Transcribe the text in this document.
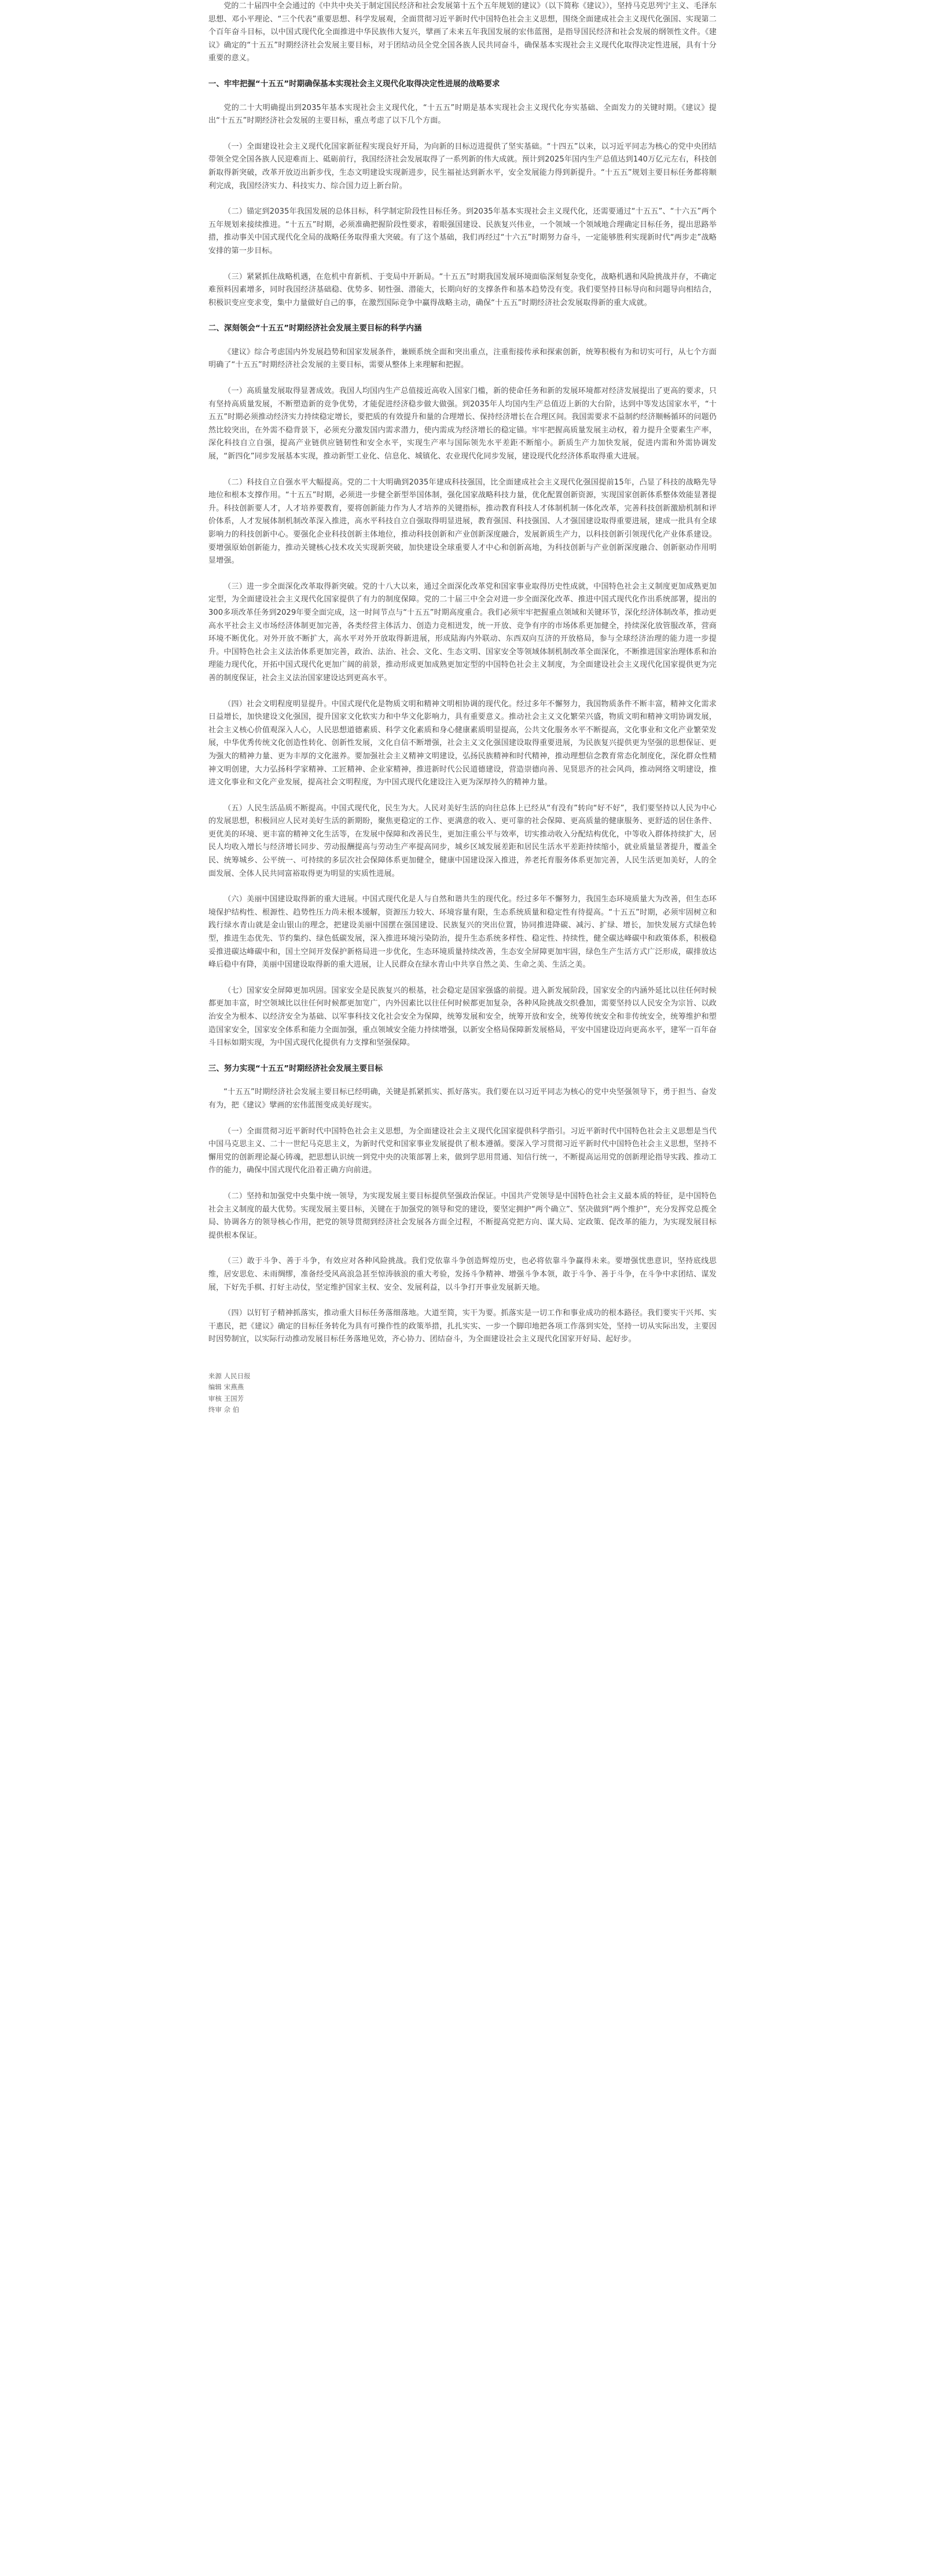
党的二十届四中全会通过的《中共中央关于制定国民经济和社会发展第十五个五年规划的建议》（以下简称《建议》），坚持马克思列宁主义、毛泽东思想、邓小平理论、“三个代表”重要思想、科学发展观，全面贯彻习近平新时代中国特色社会主义思想，围绕全面建成社会主义现代化强国、实现第二个百年奋斗目标，以中国式现代化全面推进中华民族伟大复兴，擘画了未来五年我国发展的宏伟蓝图，是指导国民经济和社会发展的纲领性文件。《建议》确定的“十五五”时期经济社会发展主要目标，对于团结动员全党全国各族人民共同奋斗，确保基本实现社会主义现代化取得决定性进展，具有十分重要的意义。

一、牢牢把握“十五五”时期确保基本实现社会主义现代化取得决定性进展的战略要求

党的二十大明确提出到2035年基本实现社会主义现代化，“十五五”时期是基本实现社会主义现代化夯实基础、全面发力的关键时期。《建议》提出“十五五”时期经济社会发展的主要目标，重点考虑了以下几个方面。

（一）全面建设社会主义现代化国家新征程实现良好开局，为向新的目标迈进提供了坚实基础。“十四五”以来，以习近平同志为核心的党中央团结带领全党全国各族人民迎难而上、砥砺前行，我国经济社会发展取得了一系列新的伟大成就。预计到2025年国内生产总值达到140万亿元左右，科技创新取得新突破，改革开放迈出新步伐，生态文明建设实现新进步，民生福祉达到新水平，安全发展能力得到新提升。“十五五”规划主要目标任务都将顺利完成，我国经济实力、科技实力、综合国力迈上新台阶。

（二）锚定到2035年我国发展的总体目标，科学制定阶段性目标任务。到2035年基本实现社会主义现代化，还需要通过“十五五”、“十六五”两个五年规划来接续推进。“十五五”时期，必须准确把握阶段性要求，着眼强国建设、民族复兴伟业，一个领域一个领域地合理确定目标任务，提出思路举措，推动事关中国式现代化全局的战略任务取得重大突破。有了这个基础，我们再经过“十六五”时期努力奋斗，一定能够胜利实现新时代“两步走”战略安排的第一步目标。

（三）紧紧抓住战略机遇，在危机中育新机、于变局中开新局。“十五五”时期我国发展环境面临深刻复杂变化，战略机遇和风险挑战并存，不确定难预料因素增多，同时我国经济基础稳、优势多、韧性强、潜能大，长期向好的支撑条件和基本趋势没有变。我们要坚持目标导向和问题导向相结合，积极识变应变求变，集中力量做好自己的事，在激烈国际竞争中赢得战略主动，确保“十五五”时期经济社会发展取得新的重大成就。

二、深刻领会“十五五”时期经济社会发展主要目标的科学内涵

《建议》综合考虑国内外发展趋势和国家发展条件，兼顾系统全面和突出重点，注重衔接传承和探索创新，统筹积极有为和切实可行，从七个方面明确了“十五五”时期经济社会发展的主要目标，需要从整体上来理解和把握。

（一）高质量发展取得显著成效。我国人均国内生产总值接近高收入国家门槛，新的使命任务和新的发展环境都对经济发展提出了更高的要求，只有坚持高质量发展，不断塑造新的竞争优势，才能促进经济稳步做大做强。到2035年人均国内生产总值迈上新的大台阶，达到中等发达国家水平，“十五五”时期必须推动经济实力持续稳定增长，要把质的有效提升和量的合理增长、保持经济增长在合理区间。我国需要求不益制约经济顺畅循环的问题仍然比较突出，在外需不稳背景下，必须充分激发国内需求潜力，使内需成为经济增长的稳定锚。牢牢把握高质量发展主动权，着力提升全要素生产率，深化科技自立自强，提高产业链供应链韧性和安全水平，实现生产率与国际领先水平差距不断缩小。新质生产力加快发展，促进内需和外需协调发展，“新四化”同步发展基本实现，推动新型工业化、信息化、城镇化、农业现代化同步发展，建设现代化经济体系取得重大进展。

（二）科技自立自强水平大幅提高。党的二十大明确到2035年建成科技强国，比全面建成社会主义现代化强国提前15年，凸显了科技的战略先导地位和根本支撑作用。“十五五”时期，必须进一步健全新型举国体制，强化国家战略科技力量，优化配置创新资源，实现国家创新体系整体效能显著提升。科技创新要人才，人才培养要教育，要将创新能力作为人才培养的关键指标，推动教育科技人才体制机制一体化改革，完善科技创新激励机制和评价体系，人才发展体制机制改革深入推进，高水平科技自立自强取得明显进展，教育强国、科技强国、人才强国建设取得重要进展，建成一批具有全球影响力的科技创新中心。要强化企业科技创新主体地位，推动科技创新和产业创新深度融合，发展新质生产力，以科技创新引领现代化产业体系建设。要增强原始创新能力，推动关键核心技术攻关实现新突破，加快建设全球重要人才中心和创新高地，为科技创新与产业创新深度融合、创新驱动作用明显增强。

（三）进一步全面深化改革取得新突破。党的十八大以来，通过全面深化改革党和国家事业取得历史性成就，中国特色社会主义制度更加成熟更加定型，为全面建设社会主义现代化国家提供了有力的制度保障。党的二十届三中全会对进一步全面深化改革、推进中国式现代化作出系统部署，提出的300多项改革任务到2029年要全面完成，这一时间节点与“十五五”时期高度重合。我们必须牢牢把握重点领域和关键环节，深化经济体制改革，推动更高水平社会主义市场经济体制更加完善，各类经营主体活力、创造力竞相迸发，统一开放、竞争有序的市场体系更加健全，持续深化放管服改革，营商环境不断优化。对外开放不断扩大，高水平对外开放取得新进展，形成陆海内外联动、东西双向互济的开放格局，参与全球经济治理的能力进一步提升。中国特色社会主义法治体系更加完善，政治、法治、社会、文化、生态文明、国家安全等领域体制机制改革全面深化，不断推进国家治理体系和治理能力现代化，开拓中国式现代化更加广阔的前景，推动形成更加成熟更加定型的中国特色社会主义制度，为全面建设社会主义现代化国家提供更为完善的制度保证，社会主义法治国家建设达到更高水平。

（四）社会文明程度明显提升。中国式现代化是物质文明和精神文明相协调的现代化。经过多年不懈努力，我国物质条件不断丰富，精神文化需求日益增长，加快建设文化强国，提升国家文化软实力和中华文化影响力，具有重要意义。推动社会主义文化繁荣兴盛，物质文明和精神文明协调发展，社会主义核心价值观深入人心，人民思想道德素质、科学文化素质和身心健康素质明显提高，公共文化服务水平不断提高，文化事业和文化产业繁荣发展，中华优秀传统文化创造性转化、创新性发展，文化自信不断增强，社会主义文化强国建设取得重要进展，为民族复兴提供更为坚强的思想保证、更为强大的精神力量、更为丰厚的文化滋养。要加强社会主义精神文明建设，弘扬民族精神和时代精神，推动理想信念教育常态化制度化，深化群众性精神文明创建，大力弘扬科学家精神、工匠精神、企业家精神，推进新时代公民道德建设，营造崇德向善、见贤思齐的社会风尚，推动网络文明建设，推进文化事业和文化产业发展，提高社会文明程度，为中国式现代化建设注入更为深厚持久的精神力量。

（五）人民生活品质不断提高。中国式现代化，民生为大。人民对美好生活的向往总体上已经从“有没有”转向“好不好”，我们要坚持以人民为中心的发展思想，积极回应人民对美好生活的新期盼，聚焦更稳定的工作、更满意的收入、更可靠的社会保障、更高质量的健康服务、更舒适的居住条件、更优美的环境、更丰富的精神文化生活等，在发展中保障和改善民生，更加注重公平与效率，切实推动收入分配结构优化，中等收入群体持续扩大，居民人均收入增长与经济增长同步、劳动报酬提高与劳动生产率提高同步，城乡区域发展差距和居民生活水平差距持续缩小，就业质量显著提升，覆盖全民、统筹城乡、公平统一、可持续的多层次社会保障体系更加健全，健康中国建设深入推进，养老托育服务体系更加完善，人民生活更加美好，人的全面发展、全体人民共同富裕取得更为明显的实质性进展。

（六）美丽中国建设取得新的重大进展。中国式现代化是人与自然和谐共生的现代化。经过多年不懈努力，我国生态环境质量大为改善，但生态环境保护结构性、根源性、趋势性压力尚未根本缓解，资源压力较大、环境容量有限，生态系统质量和稳定性有待提高。“十五五”时期，必须牢固树立和践行绿水青山就是金山银山的理念，把建设美丽中国摆在强国建设、民族复兴的突出位置，协同推进降碳、减污、扩绿、增长，加快发展方式绿色转型，推进生态优先、节约集约、绿色低碳发展，深入推进环境污染防治，提升生态系统多样性、稳定性、持续性，健全碳达峰碳中和政策体系，积极稳妥推进碳达峰碳中和，国土空间开发保护新格局进一步优化，生态环境质量持续改善，生态安全屏障更加牢固，绿色生产生活方式广泛形成，碳排放达峰后稳中有降，美丽中国建设取得新的重大进展，让人民群众在绿水青山中共享自然之美、生命之美、生活之美。

（七）国家安全屏障更加巩固。国家安全是民族复兴的根基，社会稳定是国家强盛的前提。进入新发展阶段，国家安全的内涵外延比以往任何时候都更加丰富，时空领域比以往任何时候都更加宽广，内外因素比以往任何时候都更加复杂，各种风险挑战交织叠加，需要坚持以人民安全为宗旨、以政治安全为根本、以经济安全为基础、以军事科技文化社会安全为保障，统筹发展和安全，统筹开放和安全，统筹传统安全和非传统安全，统筹维护和塑造国家安全，国家安全体系和能力全面加强，重点领域安全能力持续增强，以新安全格局保障新发展格局，平安中国建设迈向更高水平，建军一百年奋斗目标如期实现，为中国式现代化提供有力支撑和坚强保障。

三、努力实现“十五五”时期经济社会发展主要目标

“十五五”时期经济社会发展主要目标已经明确，关键是抓紧抓实、抓好落实。我们要在以习近平同志为核心的党中央坚强领导下，勇于担当、奋发有为，把《建议》擘画的宏伟蓝图变成美好现实。

（一）全面贯彻习近平新时代中国特色社会主义思想，为全面建设社会主义现代化国家提供科学指引。习近平新时代中国特色社会主义思想是当代中国马克思主义、二十一世纪马克思主义，为新时代党和国家事业发展提供了根本遵循。要深入学习贯彻习近平新时代中国特色社会主义思想，坚持不懈用党的创新理论凝心铸魂，把思想认识统一到党中央的决策部署上来，做到学思用贯通、知信行统一，不断提高运用党的创新理论指导实践、推动工作的能力，确保中国式现代化沿着正确方向前进。

（二）坚持和加强党中央集中统一领导，为实现发展主要目标提供坚强政治保证。中国共产党领导是中国特色社会主义最本质的特征，是中国特色社会主义制度的最大优势。实现发展主要目标，关键在于加强党的领导和党的建设，要坚定拥护“两个确立”、坚决做到“两个维护”，充分发挥党总揽全局、协调各方的领导核心作用，把党的领导贯彻到经济社会发展各方面全过程，不断提高党把方向、谋大局、定政策、促改革的能力，为实现发展目标提供根本保证。

（三）敢于斗争、善于斗争，有效应对各种风险挑战。我们党依靠斗争创造辉煌历史，也必将依靠斗争赢得未来。要增强忧患意识，坚持底线思维，居安思危、未雨绸缪，准备经受风高浪急甚至惊涛骇浪的重大考验，发扬斗争精神、增强斗争本领，敢于斗争、善于斗争，在斗争中求团结、谋发展，下好先手棋、打好主动仗，坚定维护国家主权、安全、发展利益，以斗争打开事业发展新天地。

（四）以钉钉子精神抓落实，推动重大目标任务落细落地。大道至简，实干为要。抓落实是一切工作和事业成功的根本路径。我们要实干兴邦、实干惠民，把《建议》确定的目标任务转化为具有可操作性的政策举措，扎扎实实、一步一个脚印地把各项工作落到实处，坚持一切从实际出发，主要因时因势制宜，以实际行动推动发展目标任务落地见效，齐心协力、团结奋斗，为全面建设社会主义现代化国家开好局、起好步。

来源 人民日报

编辑 宋燕燕

审核 王国芳

终审 佘 伯
